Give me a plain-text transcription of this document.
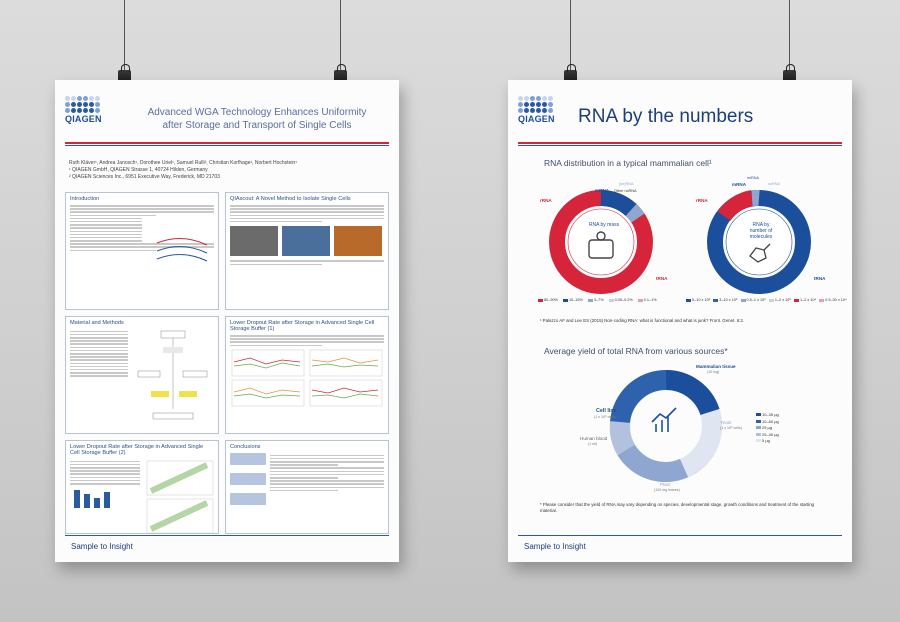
QIAGEN
Advanced WGA Technology Enhances Uniformity after Storage and Transport of Single Cells
Ruth Kläver¹, Andrea Janosch¹, Dorothee Uriel¹, Samuel Rulli², Christian Korfhage¹, Norbert Hochstein¹
¹ QIAGEN GmbH, QIAGEN Strasse 1, 40724 Hilden, Germany
² QIAGEN Sciences Inc., 6951 Executive Way, Frederick, MD 21703
Introduction	QIAscout: A Novel Method to Isolate Single Cells
Material and Methods	Lower Dropout Rate after Storage in Advanced Single Cell Storage Buffer (1)
Lower Dropout Rate after Storage in Advanced Single Cell Storage Buffer (2)
Conclusions
Sample to Insight
QIAGEN RNA by the numbers
RNA distribution in a typical mammalian cell¹
RNA by mass
rRNA
mRNA Other ncRNA
(sn)RNA
tRNA
80–90%	10–15%	3–7%	0.05–0.2%	0.1–1%
RNA by number of molecules
rRNA
mRNA
miRNA
ncRNA
tRNA
5–10 x 10⁶	3–10 x 10⁵	0.5–1 x 10⁵	1–2 x 10⁵	1–2 x 10⁴	0.5–30 x 10⁴
¹ Palazzo AF and Lee ES (2015) Non-coding RNA: what is functional and what is junk? Front. Genet. 6:2.
Average yield of total RNA from various sources*
Mammalian tissue
(10 mg)
Cell line
(1 x 10⁶ cells)
Yeast
(1 x 10⁸ cells)
Human blood
(1 ml)
Plant
(100 mg leaves)
10–35 µg
10–60 µg
25 µg
25–40 µg
5 µg
* Please consider that the yield of RNA may vary depending on species, developmental stage, growth conditions and treatment of the starting material.
Sample to Insight
